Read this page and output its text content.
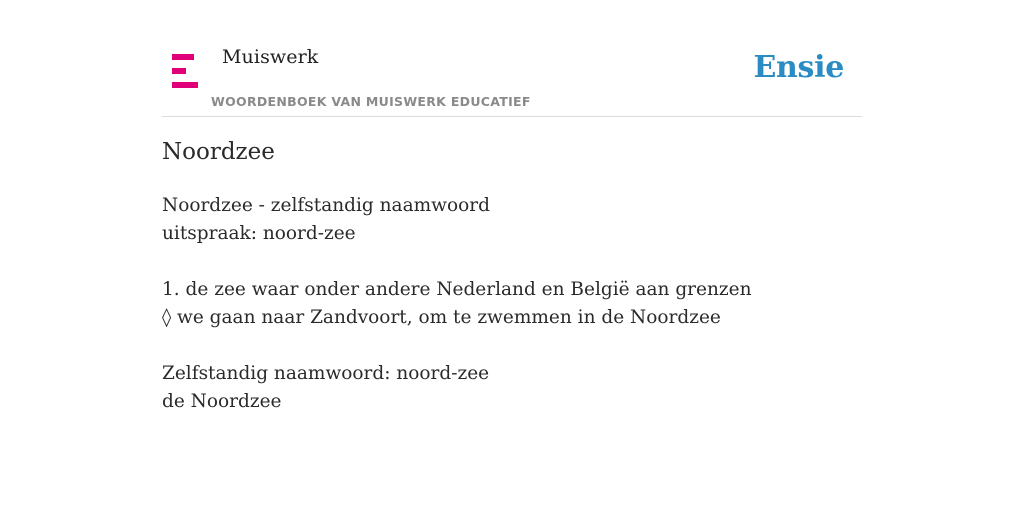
Muiswerk
WOORDENBOEK VAN MUISWERK EDUCATIEF
Ensie
Noordzee
Noordzee - zelfstandig naamwoord
uitspraak: noord-zee
1. de zee waar onder andere Nederland en België aan grenzen
◊ we gaan naar Zandvoort, om te zwemmen in de Noordzee
Zelfstandig naamwoord: noord-zee
de Noordzee
